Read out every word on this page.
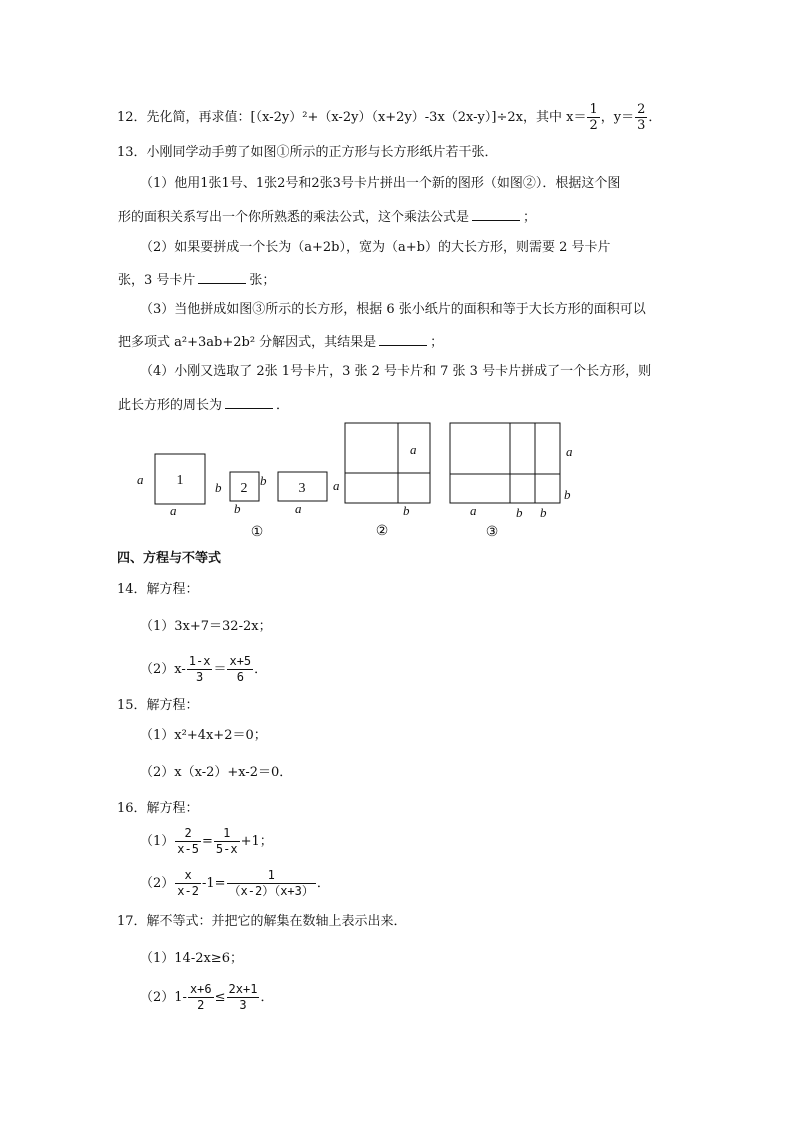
12．先化简，再求值：[（x-2y）²+（x-2y）（x+2y）-3x（2x-y）]÷2x，其中 $x= \frac{1}{2}$ ，$y= \frac{2}{3}$ ．
13．小刚同学动手剪了如图①所示的正方形与长方形纸片若干张．
（1）他用1张1号、1张2号和2张3号卡片拼出一个新的图形（如图②）．根据这个图
形的面积关系写出一个你所熟悉的乘法公式，这个乘法公式是	；
（2）如果要拼成一个长为（a+2b），宽为（a+b）的大长方形，则需要 2 号卡片
张，3 号卡片	张；
（3）当他拼成如图③所示的长方形，根据 6 张小纸片的面积和等于大长方形的面积可以
把多项式 a²+3ab+2b² 分解因式，其结果是	；
（4）小刚又选取了 2张 1号卡片，3 张 2 号卡片和 7 张 3 号卡片拼成了一个长方形，则
此长方形的周长为	．
a
a
b	b
b	a
a
a
b	a	b b
a
b
1
2	3
①	②	③
四、方程与不等式
14．解方程：
（1）3x+7＝32-2x；
$(2)x- \frac{1-x}{3} = \frac{x+5}{6}$ ．
15．解方程：
（1）x²+4x+2＝0；
（2）x（x-2）+x-2＝0．
16．解方程：
$(1) \frac{2}{x-5} = \frac{1}{5-x} +1$；
$(2) \frac{x}{x-2} -1= \frac{1}{(x-2)(x+3)}$ ．
17．解不等式：并把它的解集在数轴上表示出来．
（1）14-2x≥6；
$(2)1- \frac{x+6}{2} \le \frac{2x+1}{3}$ ．
